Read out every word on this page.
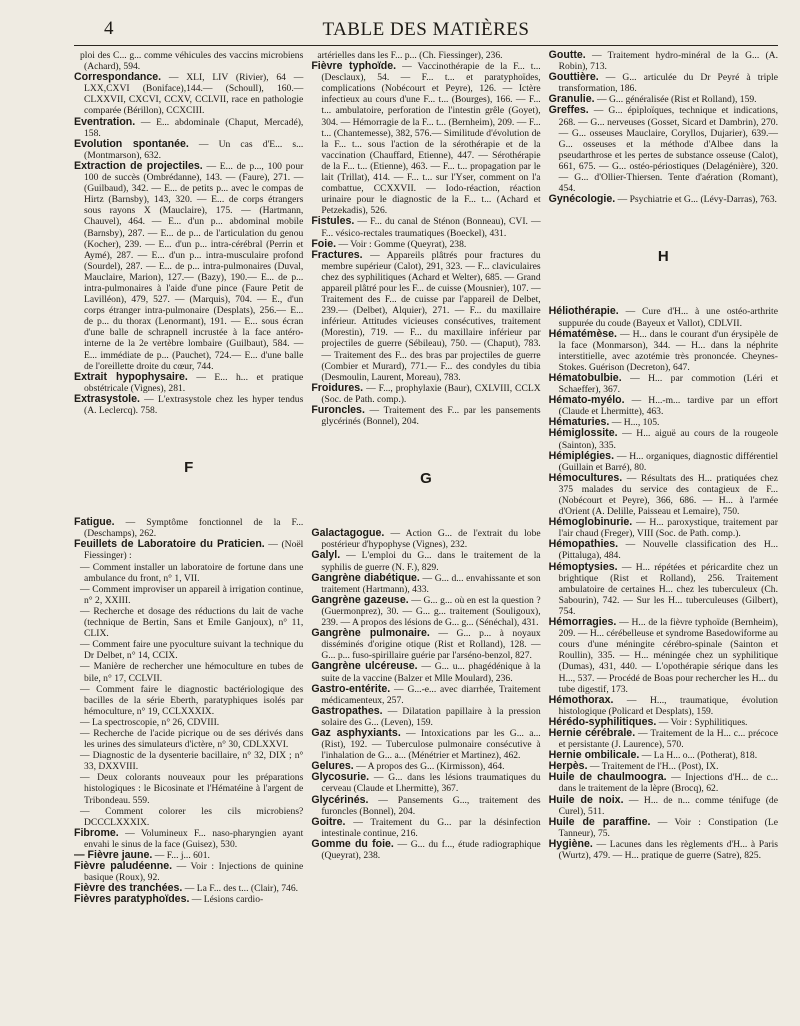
4	TABLE DES MATIÈRES

ploi des C... g... comme véhicules des vaccins microbiens (Achard), 594.

Correspondance. — XLI, LIV (Rivier), 64 —LXX,CXVI (Boniface),144.— (Schoull), 160.— CLXXVII, CXCVI, CCXV, CCLVII, race en pathologie comparée (Bérillon), CCXCIII.

Eventration. — E... abdominale (Chaput, Mercadé), 158.

Evolution spontanée. — Un cas d'E... s... (Montmarson), 632.

Extraction de projectiles. — E... de p..., 100 pour 100 de succès (Ombrédanne), 143. — (Faure), 271. — (Guilbaud), 342. — E... de petits p... avec le compas de Hirtz (Barnsby), 143, 320. — E... de corps étrangers sous rayons X (Mauclaire), 175. — (Hartmann, Chauvel), 464. — E... d'un p... abdominal mobile (Barnsby), 287. — E... de p... de l'articulation du genou (Kocher), 239. — E... d'un p... intra-cérébral (Perrin et Aymé), 287. — E... d'un p... intra-musculaire profond (Sourdel), 287. — E... de p... intra-pulmonaires (Duval, Mauclaire, Marion), 127.— (Bazy), 190.— E... de p... intra-pulmonaires à l'aide d'une pince (Faure Petit de Lavilléon), 479, 527. — (Marquis), 704. — E., d'un corps étranger intra-pulmonaire (Desplats), 256.— E... de p... du thorax (Lenormant), 191. — E... sous écran d'une balle de schrapnell incrustée à la face antéro-interne de la 2e vertèbre lombaire (Guilbaut), 584. — E... immédiate de p... (Pauchet), 724.— E... d'une balle de l'oreillette droite du cœur, 744.

Extrait hypophysaire. — E... h... et pratique obstétricale (Vignes), 281.

Extrasystole. — L'extrasystole chez les hyper tendus (A. Leclercq). 758.

F

Fatigue. — Symptôme fonctionnel de la F... (Deschamps), 262.

Feuillets de Laboratoire du Praticien. — (Noël Fiessinger) :

— Comment installer un laboratoire de fortune dans une ambulance du front, n° 1, VII.

— Comment improviser un appareil à irrigation continue, n° 2, XXIII.

— Recherche et dosage des réductions du lait de vache (technique de Bertin, Sans et Emile Ganjoux), n° 11, CLIX.

— Comment faire une pyoculture suivant la technique du Dr Delbet, n° 14, CCIX.

— Manière de rechercher une hémoculture en tubes de bile, n° 17, CCLVII.

— Comment faire le diagnostic bactériologique des bacilles de la série Eberth, paratyphiques isolés par hémoculture, n° 19, CCLXXXIX.

— La spectroscopie, n° 26, CDVIII.

— Recherche de l'acide picrique ou de ses dérivés dans les urines des simulateurs d'ictère, n° 30, CDLXXVI.

— Diagnostic de la dysenterie bacillaire, n° 32, DIX ; n° 33, DXXVIII.

— Deux colorants nouveaux pour les préparations histologiques : le Bicosinate et l'Hématéine à l'argent de Tribondeau. 559.

— Comment colorer les cils microbiens? DCCCLXXXIX.

Fibrome. — Volumineux F... naso-pharyngien ayant envahi le sinus de la face (Guisez), 530.

— Fièvre jaune. — F... j... 601.

Fièvre paludéenne. — Voir : Injections de quinine basique (Roux), 92.

Fièvre des tranchées. — La F... des t... (Clair), 746.

Fièvres paratyphoïdes. — Lésions cardio-

artérielles dans les F... p... (Ch. Fiessinger), 236.

Fièvre typhoïde. — Vaccinothérapie de la F... t... (Desclaux), 54. — F... t... et paratyphoïdes, complications (Nobécourt et Peyre), 126. — Ictère infectieux au cours d'une F... t... (Bourges), 166. — F... t... ambulatoire, perforation de l'intestin grêle (Goyet), 304. — Hémorragie de la F... t... (Bernheim), 209. — F... t... (Chantemesse), 382, 576.— Similitude d'évolution de la F... t... sous l'action de la sérothérapie et de la vaccination (Chauffard, Etienne), 447. — Sérothérapie de la F... t... (Etienne), 463. — F... t... propagation par le lait (Trillat), 414. — F... t... sur l'Yser, comment on l'a combattue, CCXXVII. — Iodo-réaction, réaction urinaire pour le diagnostic de la F... t... (Achard et Petzekadis), 526.

Fistules. — F... du canal de Sténon (Bonneau), CVI. — F... vésico-rectales traumatiques (Boeckel), 431.

Foie. — Voir : Gomme (Queyrat), 238.

Fractures. — Appareils plâtrés pour fractures du membre supérieur (Calot), 291, 323. — F... claviculaires chez des syphilitiques (Achard et Welter), 685. — Grand appareil plâtré pour les F... de cuisse (Mousnier), 107. — Traitement des F... de cuisse par l'appareil de Delbet, 239.— (Delbet), Alquier), 271. — F... du maxillaire inférieur. Attitudes vicieuses consécutives, traitement (Morestin), 719. — F... du maxillaire inférieur par projectiles de guerre (Sébileau), 750. — (Chaput), 783. — Traitement des F... des bras par projectiles de guerre (Combier et Murard), 771.— F... des condyles du tibia (Desmoulin, Laurent, Moreau), 783.

Froidures. — F..., prophylaxie (Baur), CXLVIII, CCLX (Soc. de Path. comp.).

Furoncles. — Traitement des F... par les pansements glycérinés (Bonnel), 204.

G

Galactagogue. — Action G... de l'extrait du lobe postérieur d'hypophyse (Vignes), 232.

Galyl. — L'emploi du G... dans le traitement de la syphilis de guerre (N. F.), 829.

Gangrène diabétique. — G... d... envahissante et son traitement (Hartmann), 433.

Gangrène gazeuse. — G... g... où en est la question ? (Guermonprez), 30. — G... g... traitement (Souligoux), 239. — A propos des lésions de G... g... (Sénéchal), 431.

Gangrène pulmonaire. — G... p... à noyaux disséminés d'origine otique (Rist et Rolland), 128. — G... p... fuso-spirillaire guérie par l'arséno-benzol, 827.

Gangrène ulcéreuse. — G... u... phagédénique à la suite de la vaccine (Balzer et Mlle Moulard), 236.

Gastro-entérite. — G...-e... avec diarrhée, Traitement médicamenteux, 257.

Gastropathes. — Dilatation papillaire à la pression solaire des G... (Leven), 159.

Gaz asphyxiants. — Intoxications par les G... a... (Rist), 192. — Tuberculose pulmonaire consécutive à l'inhalation de G... a... (Ménétrier et Martinez), 462.

Gelures. — A propos des G... (Kirmisson), 464.

Glycosurie. — G... dans les lésions traumatiques du cerveau (Claude et Lhermitte), 367.

Glycérinés. — Pansements G..., traitement des furoncles (Bonnel), 204.

Goitre. — Traitement du G... par la désinfection intestinale continue, 216.

Gomme du foie. — G... du f..., étude radiographique (Queyrat), 238.

Goutte. — Traitement hydro-minéral de la G... (A. Robin), 713.

Gouttière. — G... articulée du Dr Peyré à triple transformation, 186.

Granulie. — G... généralisée (Rist et Rolland), 159.

Greffes. — G... épiploïques, technique et indications, 268. — G... nerveuses (Gosset, Sicard et Dambrin), 270. — G... osseuses Mauclaire, Coryllos, Dujarier), 639.— G... osseuses et la méthode d'Albee dans la pseudarthrose et les pertes de substance osseuse (Calot), 661, 675. — G... ostéo-périostiques (Delagénière), 320. — G... d'Ollier-Thiersen. Tente d'aération (Romant), 454.

Gynécologie. — Psychiatrie et G... (Lévy-Darras), 763.

H

Héliothérapie. — Cure d'H... à une ostéo-arthrite suppurée du coude (Bayeux et Vallot), CDLVII.

Hématémèse. — H... dans le courant d'un érysipèle de la face (Monmarson), 344. — H... dans la néphrite interstitielle, avec azotémie très prononcée. Cheynes-Stokes. Guérison (Decreton), 647.

Hématobulbie. — H... par commotion (Léri et Schaeffer), 367.

Hémato-myélo. — H...-m... tardive par un effort (Claude et Lhermitte), 463.

Hématuries. — H..., 105.

Hémiglossite. — H... aiguë au cours de la rougeole (Sainton), 335.

Hémiplégies. — H... organiques, diagnostic différentiel (Guillain et Barré), 80.

Hémocultures. — Résultats des H... pratiquées chez 375 malades du service des contagieux de F... (Nobécourt et Peyre), 366, 686. — H... à l'armée d'Orient (A. Delille, Paisseau et Lemaire), 750.

Hémoglobinurie. — H... paroxystique, traitement par l'air chaud (Freger), VIII (Soc. de Path. comp.).

Hémopathies. — Nouvelle classification des H... (Pittaluga), 484.

Hémoptysies. — H... répétées et péricardite chez un brightique (Rist et Rolland), 256. Traitement ambulatoire de certaines H... chez les tuberculeux (Ch. Sabourin), 742. — Sur les H... tuberculeuses (Gilbert), 754.

Hémorragies. — H... de la fièvre typhoïde (Bernheim), 209. — H... cérébelleuse et syndrome Basedowiforme au cours d'une méningite cérébro-spinale (Sainton et Roullin), 335. — H... méningée chez un syphilitique (Dumas), 431, 440. — L'opothérapie sérique dans les H..., 537. — Procédé de Boas pour rechercher les H... du tube digestif, 173.

Hémothorax. — H..., traumatique, évolution histologique (Policard et Desplats), 159.

Hérédo-syphilitiques. — Voir : Syphilitiques.

Hernie cérébrale. — Traitement de la H... c... précoce et persistante (J. Laurence), 570.

Hernie ombilicale. — La H... o... (Potherat), 818.

Herpès. — Traitement de l'H... (Post), IX.

Huile de chaulmoogra. — Injections d'H... de c... dans le traitement de la lèpre (Brocq), 62.

Huile de noix. — H... de n... comme ténifuge (de Curel), 511.

Huile de paraffine. — Voir : Constipation (Le Tanneur), 75.

Hygiène. — Lacunes dans les règlements d'H... à Paris (Wurtz), 479. — H... pratique de guerre (Satre), 825.
